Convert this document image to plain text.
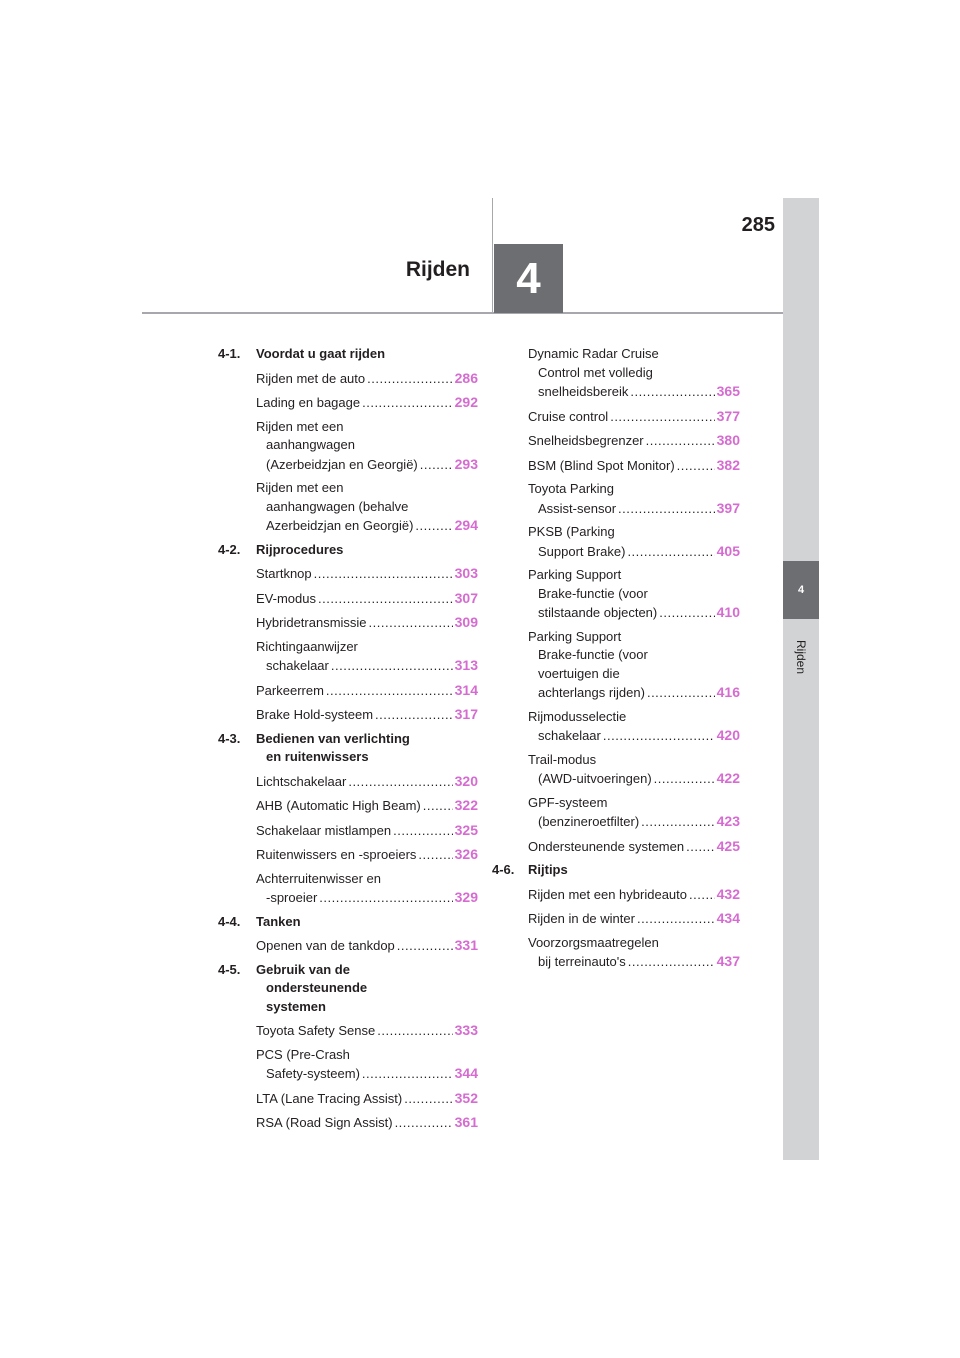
285
Rijden	4
4
Rijden
4-1. Voordat u gaat rijden
Rijden met de auto .....	286
Lading en bagage .....	292
Rijden met een
aanhangwagen
(Azerbeidzjan en Georgië) .....	293
Rijden met een
aanhangwagen (behalve
Azerbeidzjan en Georgië) .....	294
4-2. Rijprocedures
Startknop .....	303
EV-modus .....	307
Hybridetransmissie .....	309
Richtingaanwijzer
schakelaar .....	313
Parkeerrem .....	314
Brake Hold-systeem .....	317
4-3. Bedienen van verlichting
en ruitenwissers
Lichtschakelaar .....	320
AHB (Automatic High Beam) ..... 322
Schakelaar mistlampen .....	325
Ruitenwissers en -sproeiers .....	326
Achterruitenwisser en
-sproeier .....	329
4-4. Tanken
Openen van de tankdop .....	331
4-5. Gebruik van de
ondersteunende
systemen
Toyota Safety Sense .....	333
PCS (Pre-Crash
Safety-systeem) .....	344
LTA (Lane Tracing Assist) .....	352
RSA (Road Sign Assist) .....	361
Dynamic Radar Cruise
Control met volledig
snelheidsbereik .....	365
Cruise control .....	377
Snelheidsbegrenzer .....	380
BSM (Blind Spot Monitor) .....	382
Toyota Parking
Assist-sensor .....	397
PKSB (Parking
Support Brake) .....	405
Parking Support
Brake-functie (voor
stilstaande objecten) .....	410
Parking Support
Brake-functie (voor
voertuigen die
achterlangs rijden) .....	416
Rijmodusselectie
schakelaar .....	420
Trail-modus
(AWD-uitvoeringen) .....	422
GPF-systeem
(benzineroetfilter) .....	423
Ondersteunende systemen ..... 425
4-6. Rijtips
Rijden met een hybrideauto ..... 432
Rijden in de winter .....	434
Voorzorgsmaatregelen
bij terreinauto's .....	437
